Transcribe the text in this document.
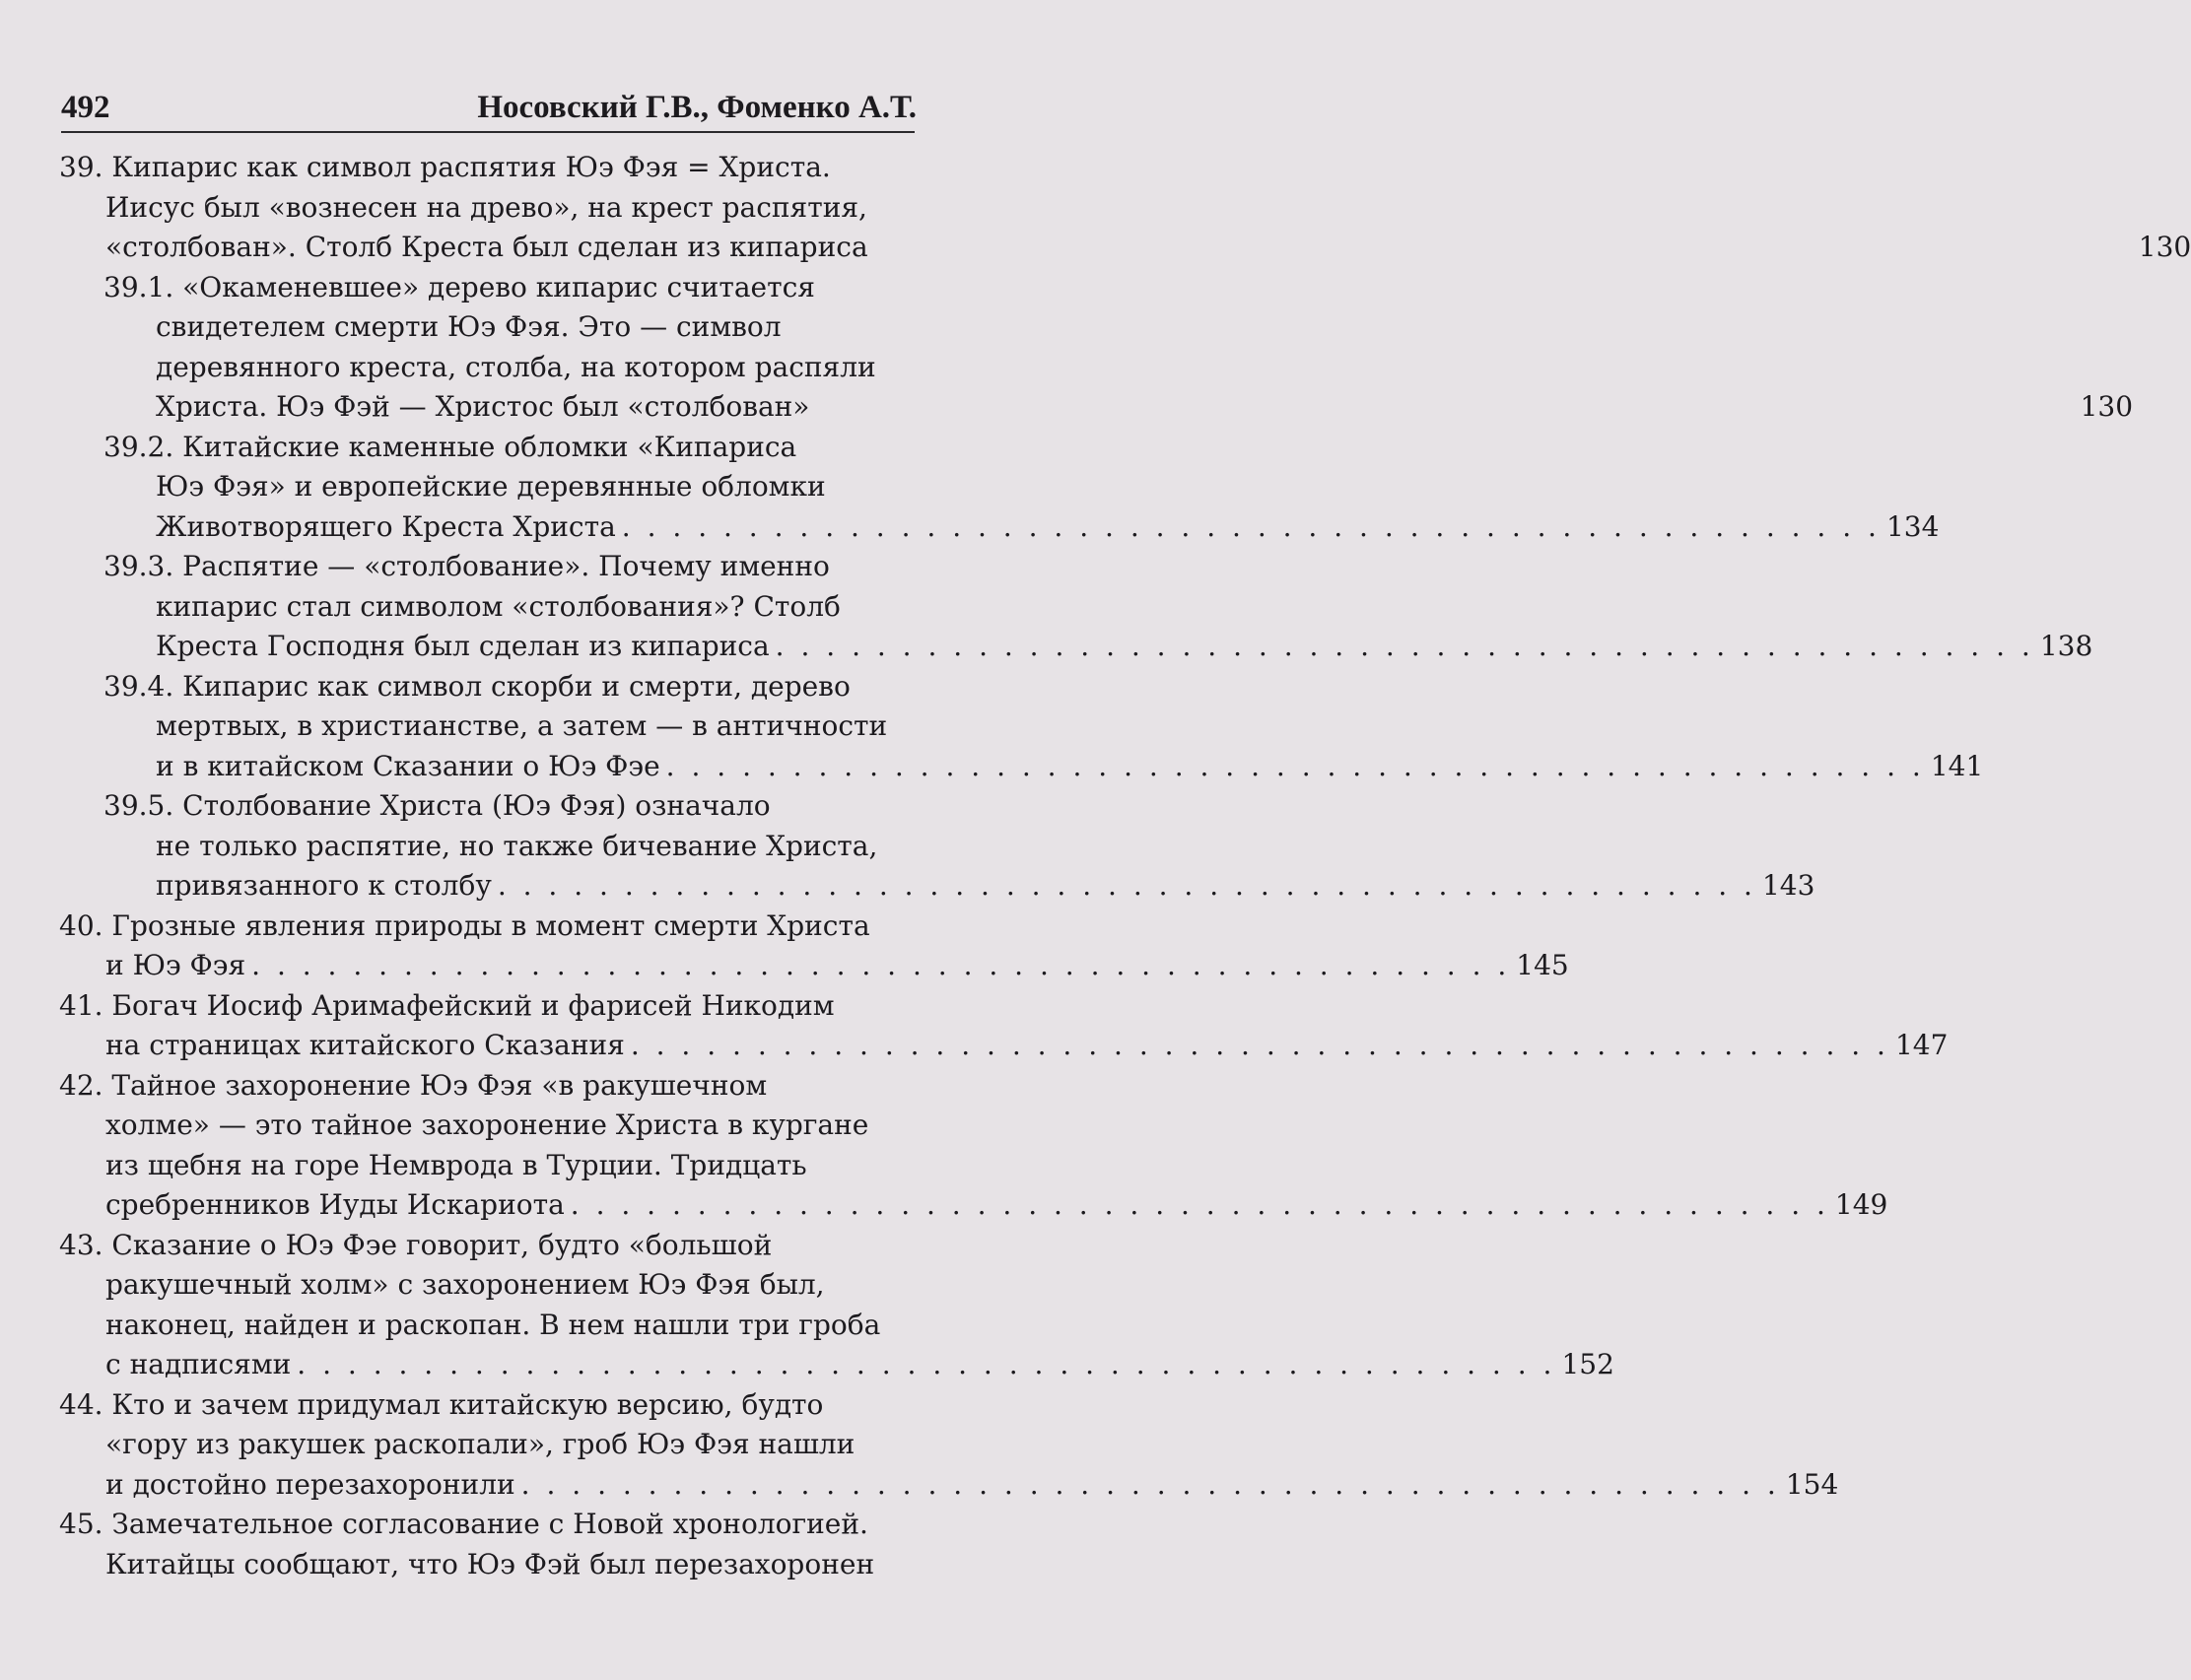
492	Носовский Г.В., Фоменко А.Т.
39. Кипарис как символ распятия Юэ Фэя = Христа.
Иисус был «вознесен на древо», на крест распятия,
«столбован». Столб Креста был сделан из кипариса	130
39.1. «Окаменевшее» дерево кипарис считается
свидетелем смерти Юэ Фэя. Это — символ
деревянного креста, столба, на котором распяли
Христа. Юэ Фэй — Христос был «столбован»	130
39.2. Китайские каменные обломки «Кипариса
Юэ Фэя» и европейские деревянные обломки
Животворящего Креста Христа . . .	134
39.3. Распятие — «столбование». Почему именно
кипарис стал символом «столбования»? Столб
Креста Господня был сделан из кипариса . . .	138
39.4. Кипарис как символ скорби и смерти, дерево
мертвых, в христианстве, а затем — в античности
и в китайском Сказании о Юэ Фэе . . .	141
39.5. Столбование Христа (Юэ Фэя) означало
не только распятие, но также бичевание Христа,
привязанного к столбу . . .	143
40. Грозные явления природы в момент смерти Христа
и Юэ Фэя . . .	145
41. Богач Иосиф Аримафейский и фарисей Никодим
на страницах китайского Сказания . . .	147
42. Тайное захоронение Юэ Фэя «в ракушечном
холме» — это тайное захоронение Христа в кургане
из щебня на горе Немврода в Турции. Тридцать
сребренников Иуды Искариота . . .	149
43. Сказание о Юэ Фэе говорит, будто «большой
ракушечный холм» с захоронением Юэ Фэя был,
наконец, найден и раскопан. В нем нашли три гроба
с надписями . . .	152
44. Кто и зачем придумал китайскую версию, будто
«гору из ракушек раскопали», гроб Юэ Фэя нашли
и достойно перезахоронили . . .	154
45. Замечательное согласование с Новой хронологией.
Китайцы сообщают, что Юэ Фэй был перезахоронен
